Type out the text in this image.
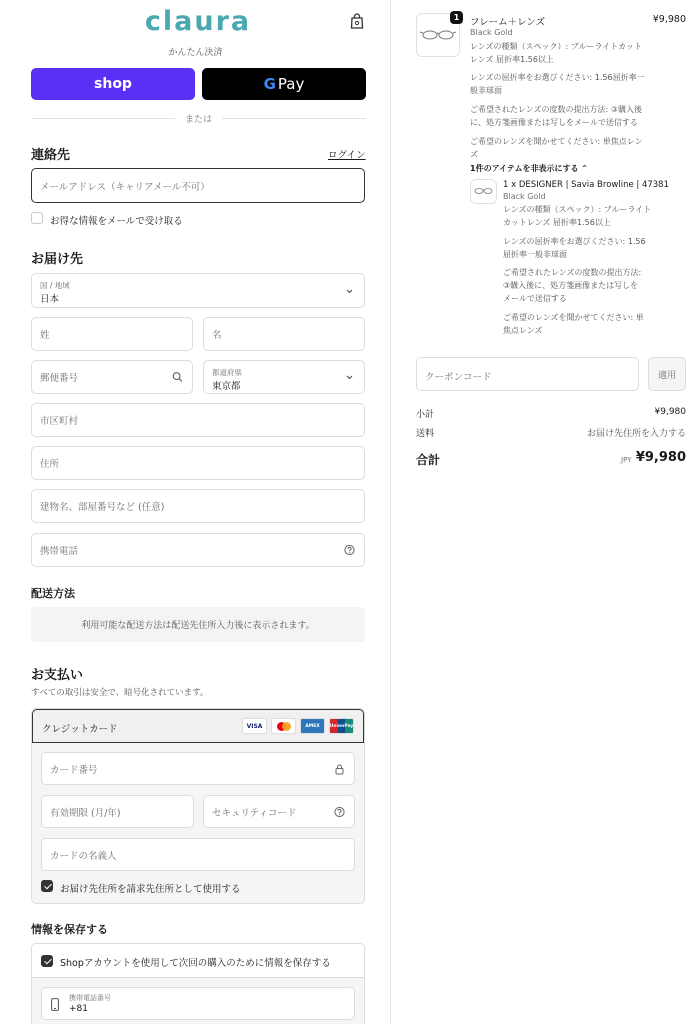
claura
かんたん決済
shop	G Pay
または
連絡先	ログイン
メールアドレス（キャリアメール不可）
お得な情報をメールで受け取る
お届け先
国 / 地域
日本
姓	名
郵便番号
都道府県
東京都
市区町村
住所
建物名、部屋番号など (任意)
携帯電話
配送方法
利用可能な配送方法は配送先住所入力後に表示されます。
お支払い
すべての取引は安全で、暗号化されています。
クレジットカード	VISA	AMEX	UnionPay
カード番号
有効期限 (月/年)	セキュリティコード
カードの名義人
お届け先住所を請求先住所として使用する
情報を保存する
Shopアカウントを使用して次回の購入のために情報を保存する
携帯電話番号
+81
1	フレーム＋レンズ	¥9,980
Black Gold
レンズの種類（スペック）: ブルーライトカット
レンズ 屈折率1.56以上
レンズの屈折率をお選びください: 1.56屈折率一
般非球面
ご希望されたレンズの度数の提出方法: ③購入後
に、処方箋画像または写しをメールで送信する
ご希望のレンズを聞かせてください: 単焦点レン
ズ
1件のアイテムを非表示にする ⌃
1 x DESIGNER | Savia Browline | 47381
Black Gold
レンズの種類（スペック）: ブルーライト
カットレンズ 屈折率1.56以上
レンズの屈折率をお選びください: 1.56
屈折率一般非球面
ご希望されたレンズの度数の提出方法:
③購入後に、処方箋画像または写しを
メールで送信する
ご希望のレンズを聞かせてください: 単
焦点レンズ
クーポンコード	適用
小計	¥9,980
送料	お届け先住所を入力する
合計	JPY ¥9,980
